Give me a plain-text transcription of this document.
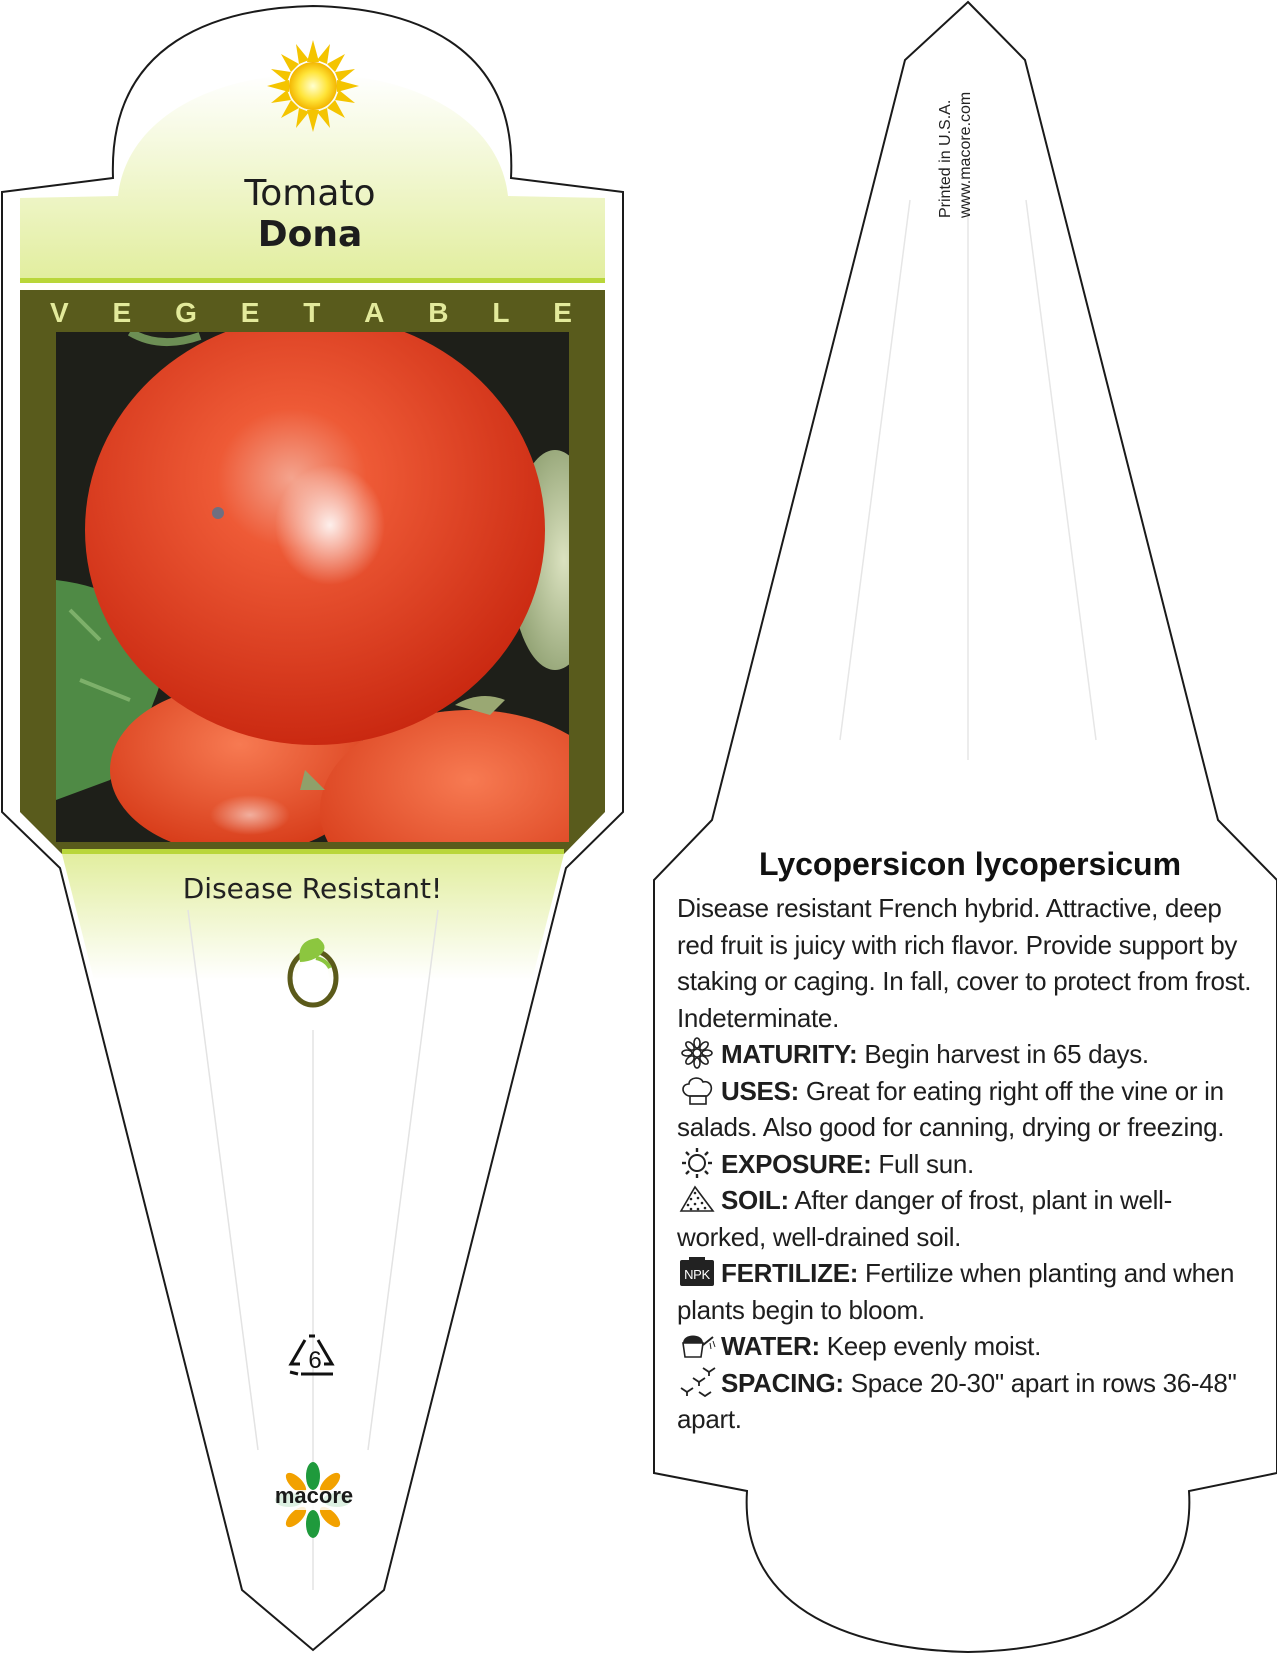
Tomato
Dona
V E G E T A B L E
Disease Resistant!
6
macore
Printed in U.S.A. www.macore.com
Lycopersicon lycopersicum

Disease resistant French hybrid. Attractive, deep red fruit is juicy with rich flavor. Provide support by staking or caging. In fall, cover to protect from frost. Indeterminate.

MATURITY: Begin harvest in 65 days.

USES: Great for eating right off the vine or in salads. Also good for canning, drying or freezing.

EXPOSURE: Full sun.

SOIL: After danger of frost, plant in well-worked, well-drained soil.

NPK FERTILIZE: Fertilize when planting and when plants begin to bloom.

WATER: Keep evenly moist.

SPACING: Space 20-30" apart in rows 36-48" apart.
